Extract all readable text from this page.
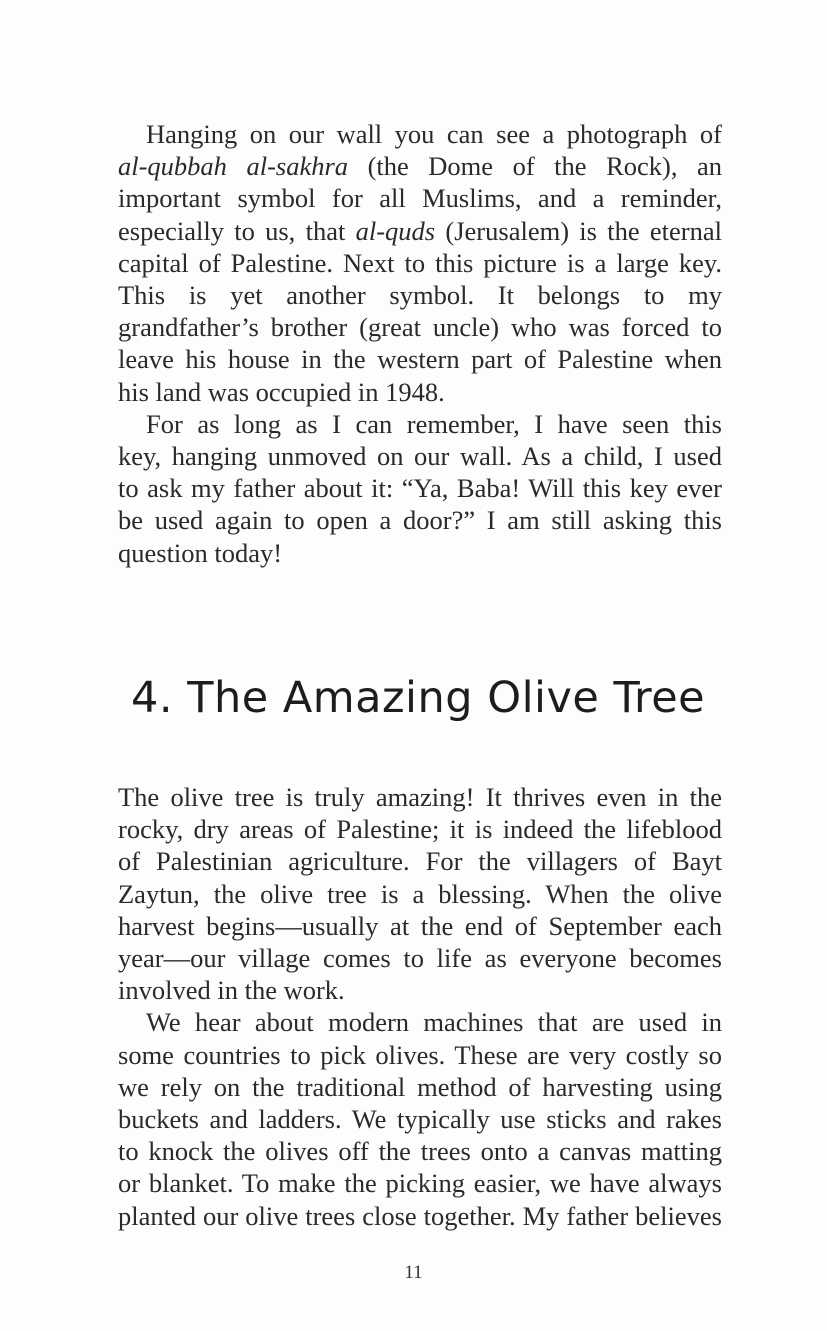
Hanging on our wall you can see a photograph of
al-qubbah al-sakhra (the Dome of the Rock), an
important symbol for all Muslims, and a reminder,
especially to us, that al-quds (Jerusalem) is the eternal
capital of Palestine. Next to this picture is a large key.
This is yet another symbol. It belongs to my
grandfather’s brother (great uncle) who was forced to
leave his house in the western part of Palestine when
his land was occupied in 1948.

For as long as I can remember, I have seen this
key, hanging unmoved on our wall. As a child, I used
to ask my father about it: “Ya, Baba! Will this key ever
be used again to open a door?” I am still asking this
question today!

4. The Amazing Olive Tree

The olive tree is truly amazing! It thrives even in the
rocky, dry areas of Palestine; it is indeed the lifeblood
of Palestinian agriculture. For the villagers of Bayt
Zaytun, the olive tree is a blessing. When the olive
harvest begins—usually at the end of September each
year—our village comes to life as everyone becomes
involved in the work.

We hear about modern machines that are used in
some countries to pick olives. These are very costly so
we rely on the traditional method of harvesting using
buckets and ladders. We typically use sticks and rakes
to knock the olives off the trees onto a canvas matting
or blanket. To make the picking easier, we have always
planted our olive trees close together. My father believes

11
